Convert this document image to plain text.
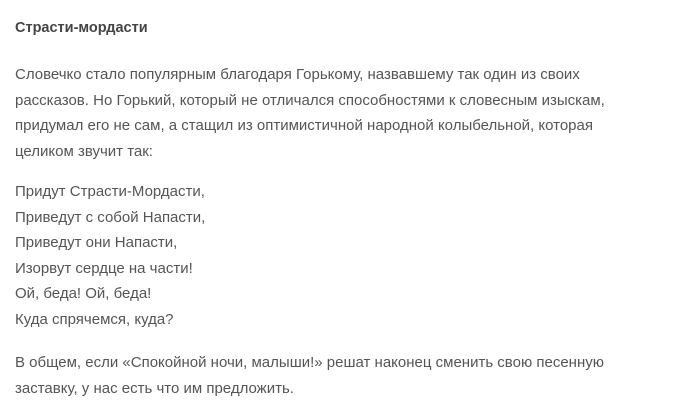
Страсти-мордасти
Словечко стало популярным благодаря Горькому, назвавшему так один из своих
рассказов. Но Горький, который не отличался способностями к словесным изыскам,
придумал его не сам, а стащил из оптимистичной народной колыбельной, которая
целиком звучит так:
Придут Страсти-Мордасти,
Приведут с собой Напасти,
Приведут они Напасти,
Изорвут сердце на части!
Ой, беда! Ой, беда!
Куда спрячемся, куда?
В общем, если «Спокойной ночи, малыши!» решат наконец сменить свою песенную
заставку, у нас есть что им предложить.
